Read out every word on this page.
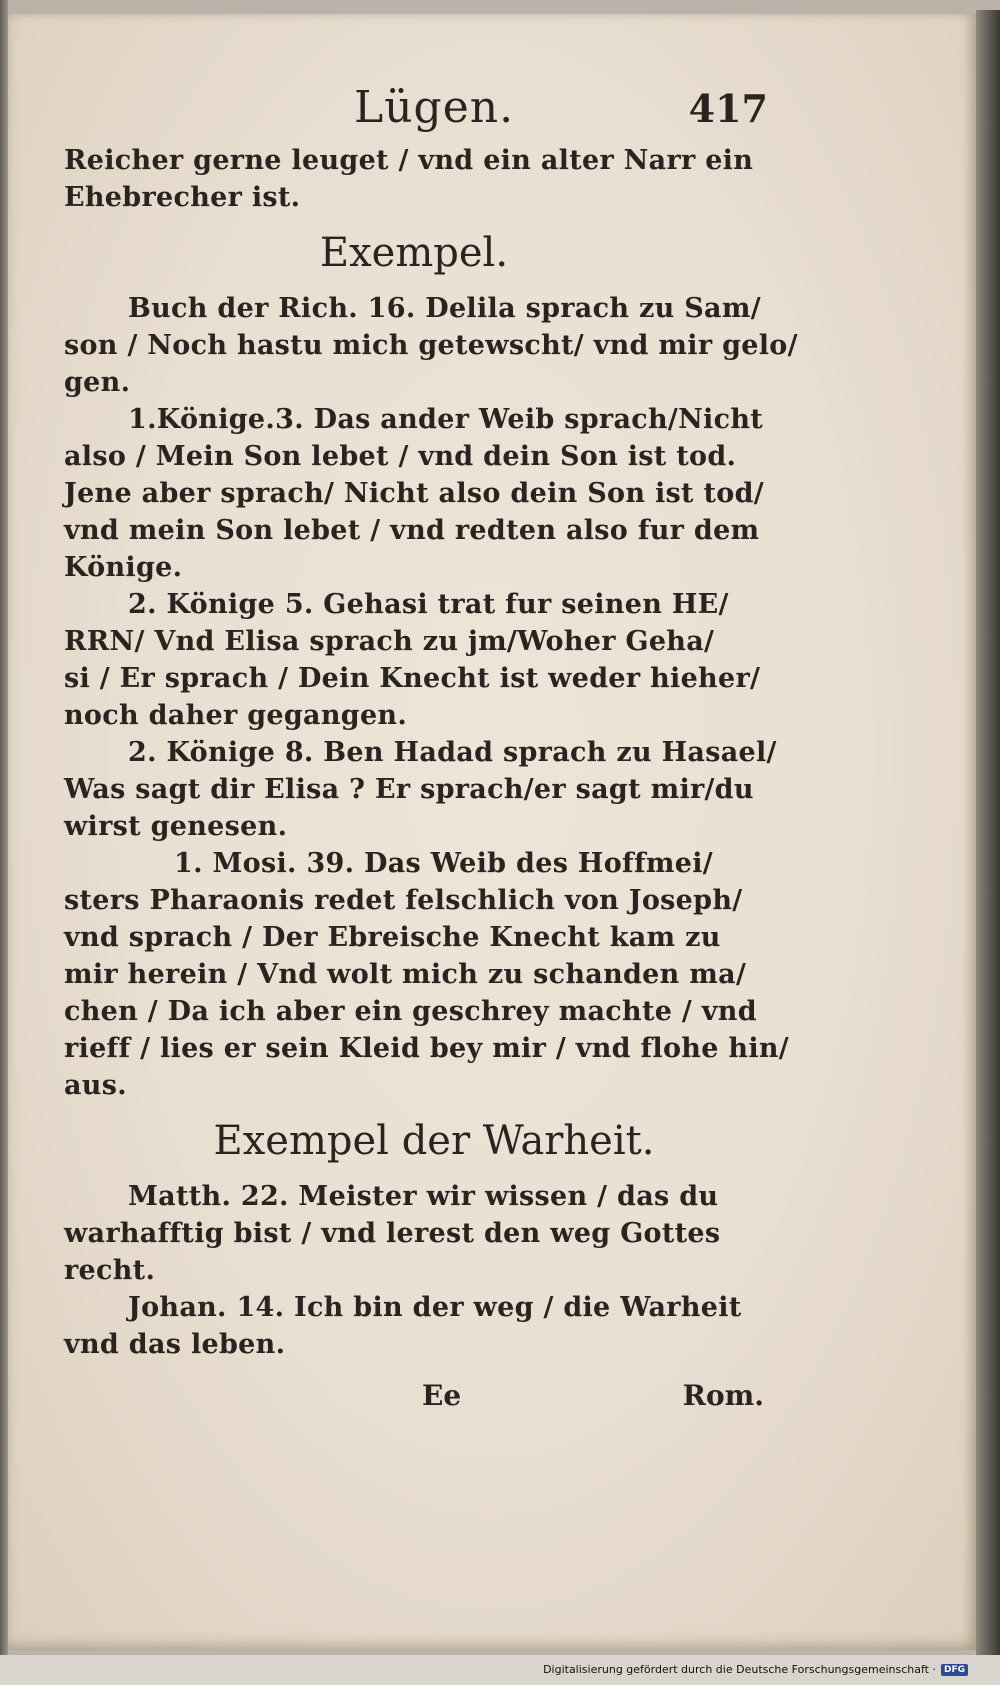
Lügen.	417
Reicher gerne leuget / vnd ein alter Narr ein
Ehebrecher ist.
Exempel.
Buch der Rich. 16. Delila sprach zu Sam/
son / Noch hastu mich getewscht/ vnd mir gelo/
gen.
1.Könige.3. Das ander Weib sprach/Nicht
also / Mein Son lebet / vnd dein Son ist tod.
Jene aber sprach/ Nicht also dein Son ist tod/
vnd mein Son lebet / vnd redten also fur dem
Könige.
2. Könige 5. Gehasi trat fur seinen HE/
RRN/ Vnd Elisa sprach zu jm/Woher Geha/
si / Er sprach / Dein Knecht ist weder hieher/
noch daher gegangen.
2. Könige 8. Ben Hadad sprach zu Hasael/
Was sagt dir Elisa ? Er sprach/er sagt mir/du
wirst genesen.
1. Mosi. 39. Das Weib des Hoffmei/
sters Pharaonis redet felschlich von Joseph/
vnd sprach / Der Ebreische Knecht kam zu
mir herein / Vnd wolt mich zu schanden ma/
chen / Da ich aber ein geschrey machte / vnd
rieff / lies er sein Kleid bey mir / vnd flohe hin/
aus.
Exempel der Warheit.
Matth. 22. Meister wir wissen / das du
warhafftig bist / vnd lerest den weg Gottes
recht.
Johan. 14. Ich bin der weg / die Warheit
vnd das leben.
Ee	Rom.
Digitalisierung gefördert durch die Deutsche Forschungsgemeinschaft · DFG
